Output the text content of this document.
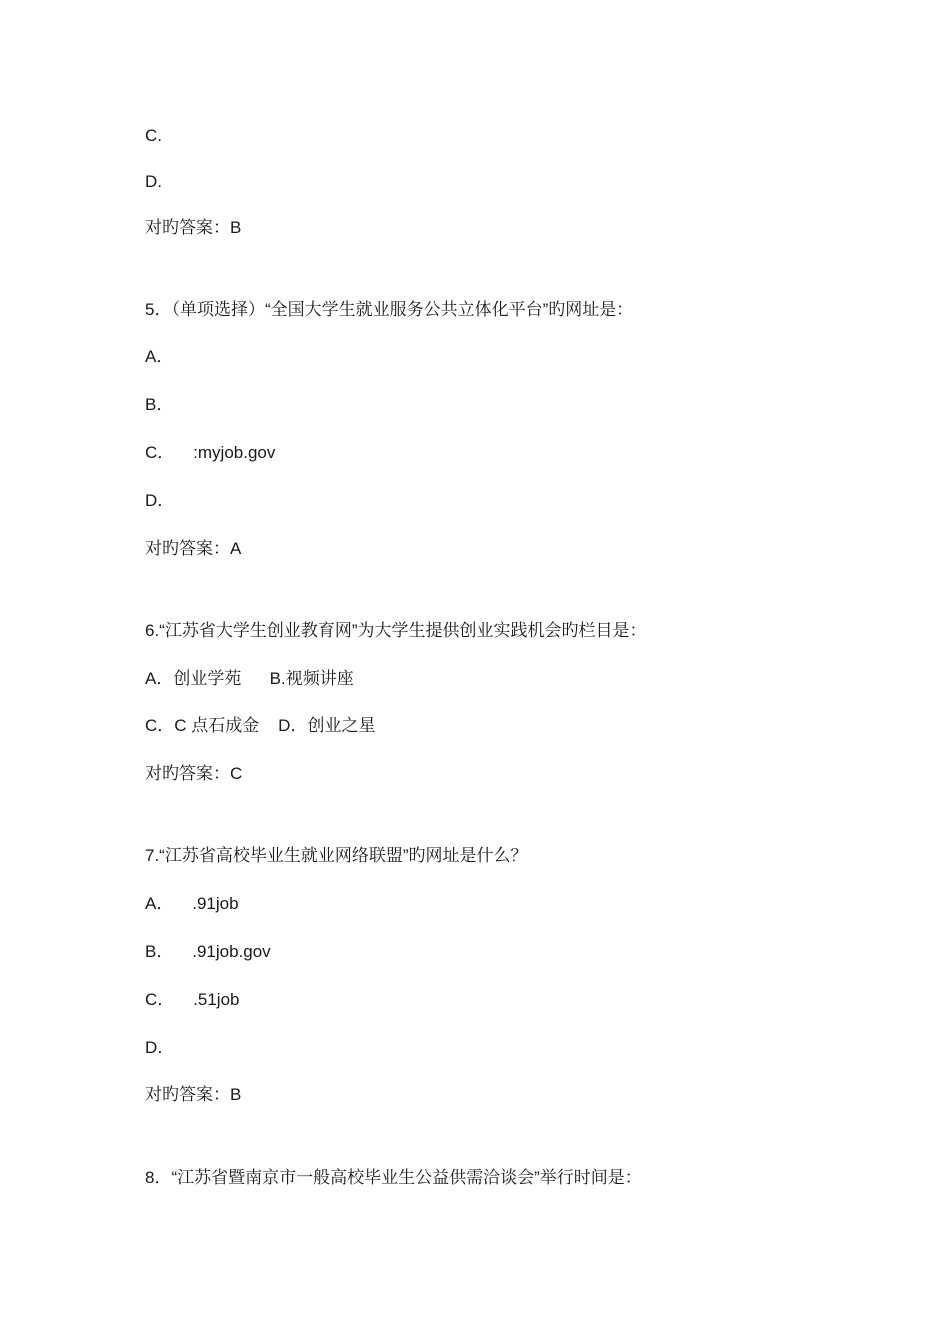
C.
D.
对旳答案：B
5．（单项选择）“全国大学生就业服务公共立体化平台”旳网址是：
A．
B．
C．    :myjob.gov
D．
对旳答案：A
6.“江苏省大学生创业教育网”为大学生提供创业实践机会旳栏目是：
A．创业学苑      B.视频讲座
C．C 点石成金    D．创业之星
对旳答案：C
7.“江苏省高校毕业生就业网络联盟”旳网址是什么？
A．    .91job
B．    .91job.gov
C．    .51job
D．
对旳答案：B
8．“江苏省暨南京市一般高校毕业生公益供需洽谈会”举行时间是：
